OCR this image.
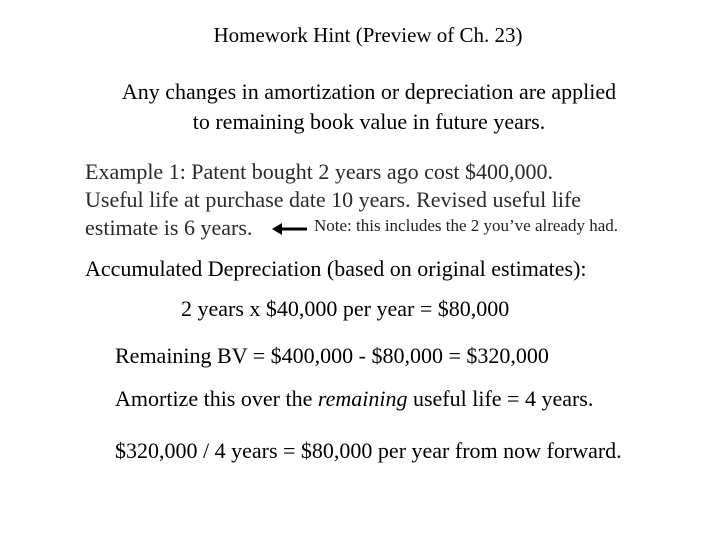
Homework Hint (Preview of Ch. 23)
Any changes in amortization or depreciation are applied
to remaining book value in future years.
Example 1: Patent bought 2 years ago cost $400,000.
Useful life at purchase date 10 years. Revised useful life
estimate is 6 years.	Note: this includes the 2 you’ve already had.
Accumulated Depreciation (based on original estimates):
2 years x $40,000 per year = $80,000
Remaining BV = $400,000 - $80,000 = $320,000
Amortize this over the remaining useful life = 4 years.
$320,000 / 4 years = $80,000 per year from now forward.
